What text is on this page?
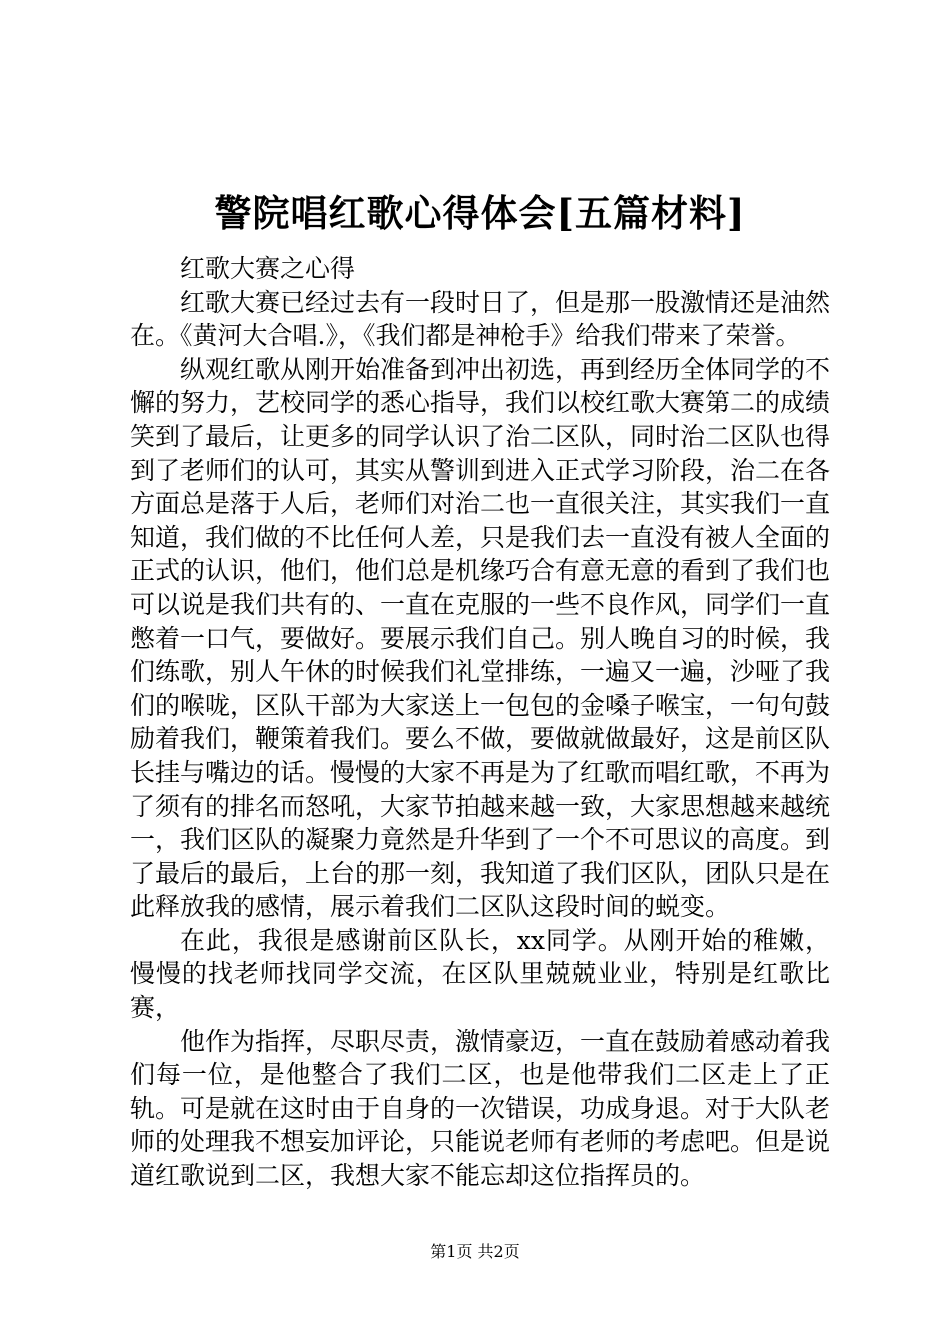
警院唱红歌心得体会[五篇材料]

红歌大赛之心得

红歌大赛已经过去有一段时日了，但是那一股激情还是油然在。《黄河大合唱.》，《我们都是神枪手》给我们带来了荣誉。

纵观红歌从刚开始准备到冲出初选，再到经历全体同学的不懈的努力，艺校同学的悉心指导，我们以校红歌大赛第二的成绩笑到了最后，让更多的同学认识了治二区队，同时治二区队也得到了老师们的认可，其实从警训到进入正式学习阶段，治二在各方面总是落于人后，老师们对治二也一直很关注，其实我们一直知道，我们做的不比任何人差，只是我们去一直没有被人全面的正式的认识，他们，他们总是机缘巧合有意无意的看到了我们也可以说是我们共有的、一直在克服的一些不良作风，同学们一直憋着一口气，要做好。要展示我们自己。别人晚自习的时候，我们练歌，别人午休的时候我们礼堂排练，一遍又一遍，沙哑了我们的喉咙，区队干部为大家送上一包包的金嗓子喉宝，一句句鼓励着我们，鞭策着我们。要么不做，要做就做最好，这是前区队长挂与嘴边的话。慢慢的大家不再是为了红歌而唱红歌，不再为了须有的排名而怒吼，大家节拍越来越一致，大家思想越来越统一，我们区队的凝聚力竟然是升华到了一个不可思议的高度。到了最后的最后，上台的那一刻，我知道了我们区队，团队只是在此释放我的感情，展示着我们二区队这段时间的蜕变。

在此，我很是感谢前区队长，xx同学。从刚开始的稚嫩，慢慢的找老师找同学交流，在区队里兢兢业业，特别是红歌比赛，

他作为指挥，尽职尽责，激情豪迈，一直在鼓励着感动着我们每一位，是他整合了我们二区，也是他带我们二区走上了正轨。可是就在这时由于自身的一次错误，功成身退。对于大队老师的处理我不想妄加评论，只能说老师有老师的考虑吧。但是说道红歌说到二区，我想大家不能忘却这位指挥员的。

第1页 共2页
